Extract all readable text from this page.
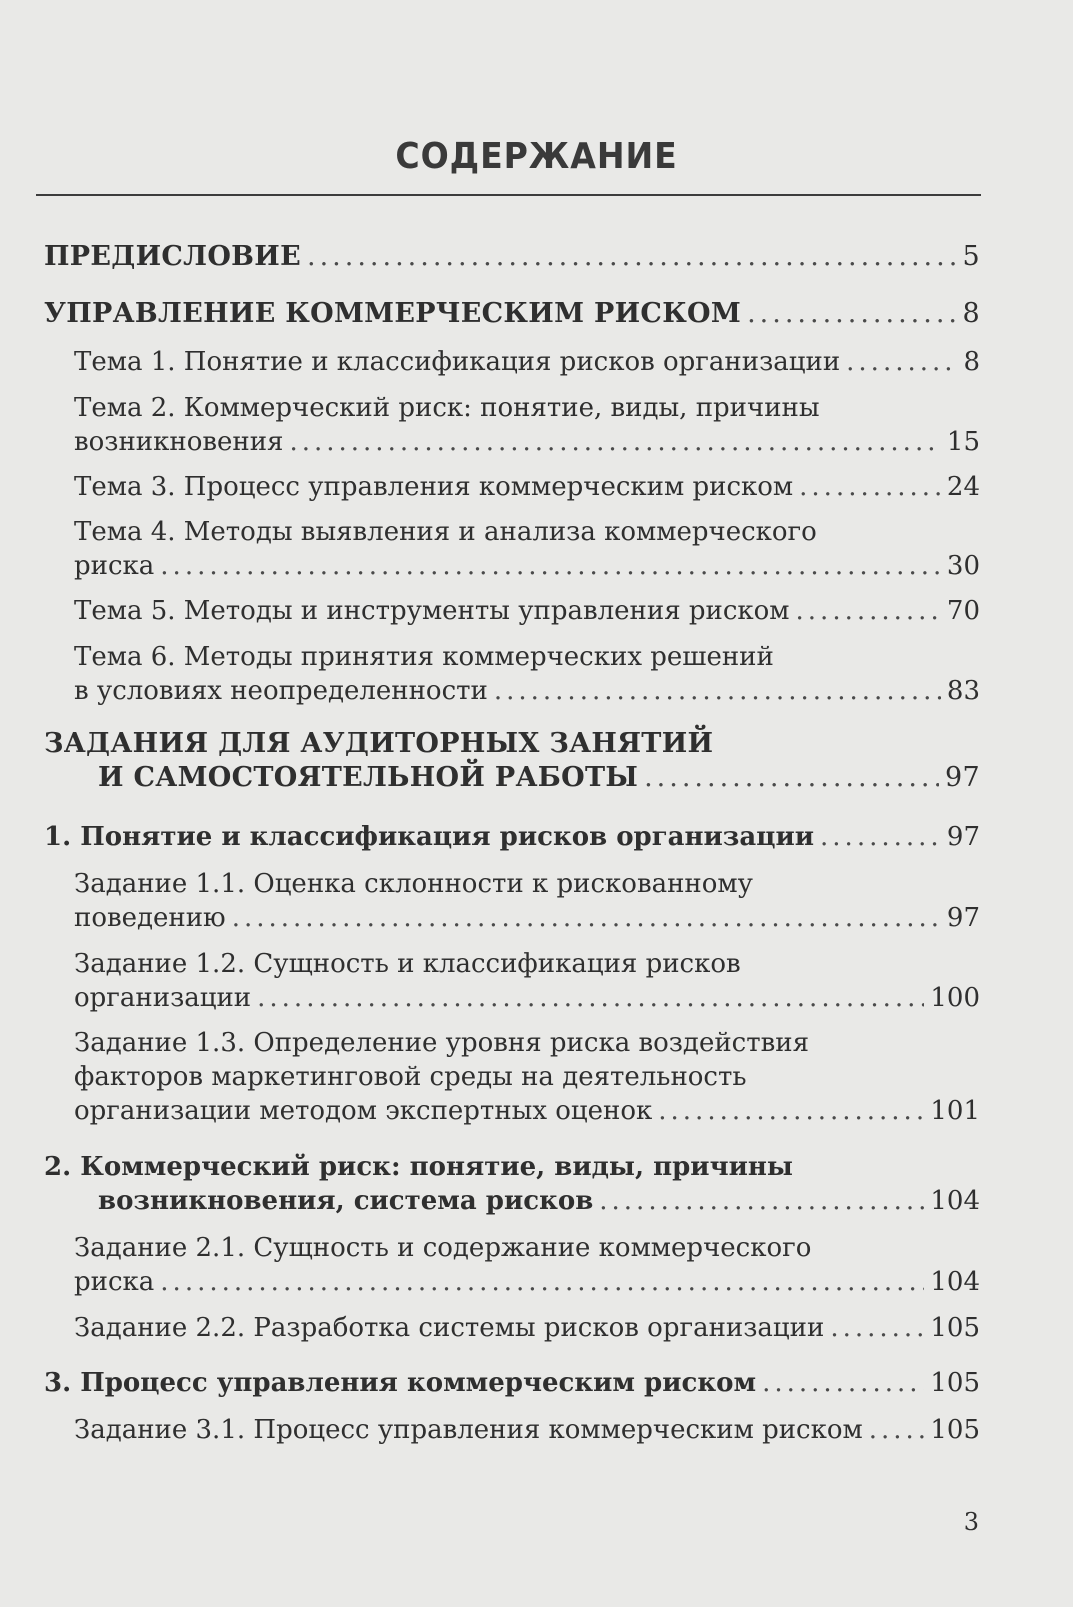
СОДЕРЖАНИЕ
ПРЕДИСЛОВИЕ .....	5
УПРАВЛЕНИЕ КОММЕРЧЕСКИМ РИСКОМ .....	8
Тема 1. Понятие и классификация рисков организации .....	8
Тема 2. Коммерческий риск: понятие, виды, причины
возникновения .....	15
Тема 3. Процесс управления коммерческим риском .....	24
Тема 4. Методы выявления и анализа коммерческого
риска .....	30
Тема 5. Методы и инструменты управления риском .....	70
Тема 6. Методы принятия коммерческих решений
в условиях неопределенности .....	83
ЗАДАНИЯ ДЛЯ АУДИТОРНЫХ ЗАНЯТИЙ
И САМОСТОЯТЕЛЬНОЙ РАБОТЫ .....	97
1. Понятие и классификация рисков организации .....	97
Задание 1.1. Оценка склонности к рискованному
поведению .....	97
Задание 1.2. Сущность и классификация рисков
организации .....	100
Задание 1.3. Определение уровня риска воздействия
факторов маркетинговой среды на деятельность
организации методом экспертных оценок .....	101
2. Коммерческий риск: понятие, виды, причины
возникновения, система рисков .....	104
Задание 2.1. Сущность и содержание коммерческого
риска .....	104
Задание 2.2. Разработка системы рисков организации .....	105
3. Процесс управления коммерческим риском .....	105
Задание 3.1. Процесс управления коммерческим риском .....	105
3
